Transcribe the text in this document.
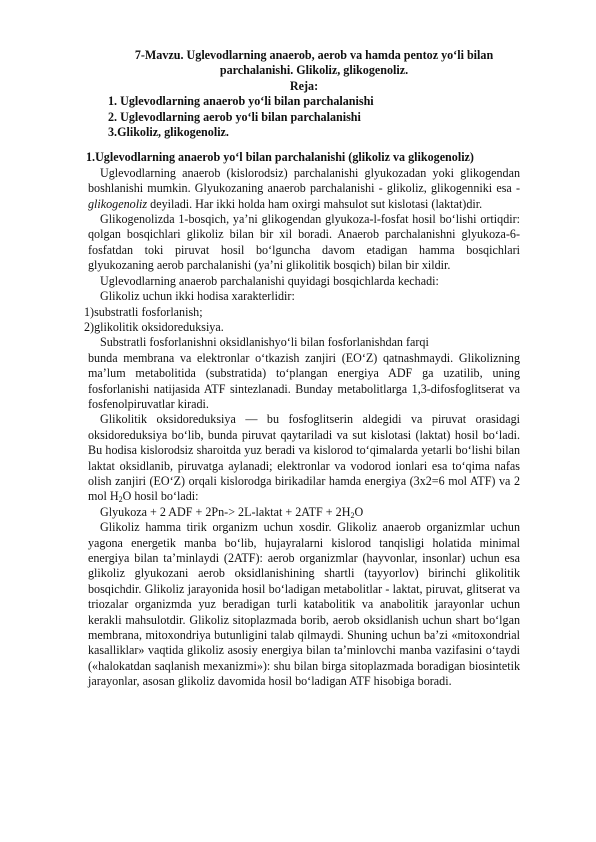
7-Mavzu. Uglevodlarning anaerob, aerob va hamda pentoz yo‘li bilan
parchalanishi. Glikoliz, glikogenoliz.
Reja:
1. Uglevodlarning anaerob yo‘li bilan parchalanishi
2. Uglevodlarning aerob yo‘li bilan parchalanishi
3.Glikoliz, glikogenoliz.
1.Uglevodlarning anaerob yo‘l bilan parchalanishi (glikoliz va glikogenoliz)

Uglevodlarning anaerob (kislorodsiz) parchalanishi glyukozadan yoki glikogendan boshlanishi mumkin. Glyukozaning anaerob parchalanishi - glikoliz, glikogenniki esa - glikogenoliz deyiladi. Har ikki holda ham oxirgi mahsulot sut kislotasi (laktat)dir.

Glikogenolizda 1-bosqich, ya’ni glikogendan glyukoza-l-fosfat hosil bo‘lishi ortiqdir: qolgan bosqichlari glikoliz bilan bir xil boradi. Anaerob parchalanishni glyukoza-6-fosfatdan toki piruvat hosil bo‘lguncha davom etadigan hamma bosqichlari glyukozaning aerob parchalanishi (ya’ni glikolitik bosqich) bilan bir xildir.

Uglevodlarning anaerob parchalanishi quyidagi bosqichlarda kechadi:

Glikoliz uchun ikki hodisa xarakterlidir:

1)substratli fosforlanish;

2)glikolitik oksidoreduksiya.

Substratli fosforlanishni oksidlanishyo‘li bilan fosforlanishdan farqi

bunda membrana va elektronlar o‘tkazish zanjiri (EO‘Z) qatnashmaydi. Glikolizning ma’lum metabolitida (substratida) to‘plangan energiya ADF ga uzatilib, uning fosforlanishi natijasida ATF sintezlanadi. Bunday metabolitlarga 1,3-difosfoglitserat va fosfenolpiruvatlar kiradi.

Glikolitik oksidoreduksiya — bu fosfoglitserin aldegidi va piruvat orasidagi oksidoreduksiya bo‘lib, bunda piruvat qaytariladi va sut kislotasi (laktat) hosil bo‘ladi. Bu hodisa kislorodsiz sharoitda yuz beradi va kislorod to‘qimalarda yetarli bo‘lishi bilan laktat oksidlanib, piruvatga aylanadi; elektronlar va vodorod ionlari esa to‘qima nafas olish zanjiri (EO‘Z) orqali kislorodga birikadilar hamda energiya (3x2=6 mol ATF) va 2 mol $H_2O$ hosil bo‘ladi:

Glyukoza + 2 ADF + 2Pn-> 2L-laktat + $2ATF + 2H_2O$

Glikoliz hamma tirik organizm uchun xosdir. Glikoliz anaerob organizmlar uchun yagona energetik manba bo‘lib, hujayralarni kislorod tanqisligi holatida minimal energiya bilan ta’minlaydi (2ATF): aerob organizmlar (hayvonlar, insonlar) uchun esa glikoliz glyukozani aerob oksidlanishining shartli (tayyorlov) birinchi glikolitik bosqichdir. Glikoliz jarayonida hosil bo‘ladigan metabolitlar - laktat, piruvat, glitserat va triozalar organizmda yuz beradigan turli katabolitik va anabolitik jarayonlar uchun kerakli mahsulotdir. Glikoliz sitoplazmada borib, aerob oksidlanish uchun shart bo‘lgan membrana, mitoxondriya butunligini talab qilmaydi. Shuning uchun ba’zi «mitoxondrial kasalliklar» vaqtida glikoliz asosiy energiya bilan ta’minlovchi manba vazifasini o‘taydi («halokatdan saqlanish mexanizmi»): shu bilan birga sitoplazmada boradigan biosintetik jarayonlar, asosan glikoliz davomida hosil bo‘ladigan ATF hisobiga boradi.
